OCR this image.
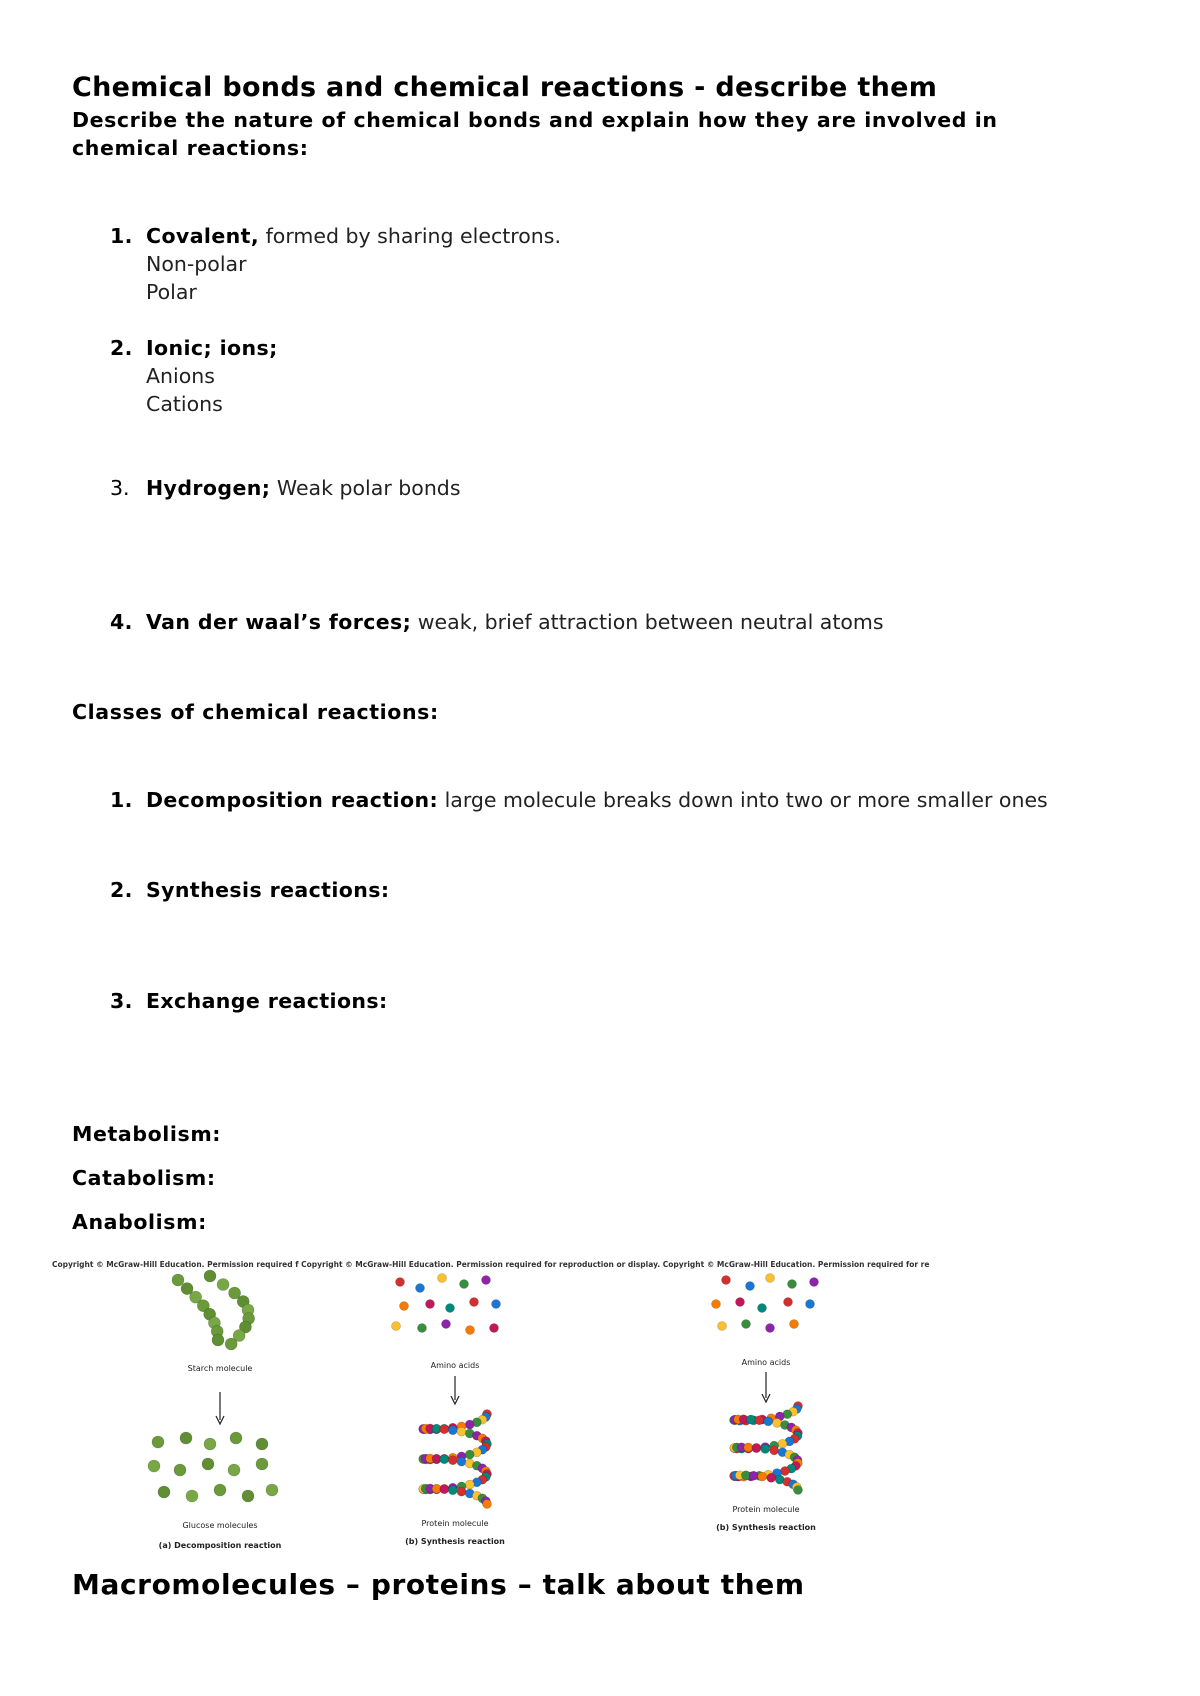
Chemical bonds and chemical reactions - describe them
Describe the nature of chemical bonds and explain how they are involved in
chemical reactions:
1. Covalent, formed by sharing electrons.
Non-polar
Polar
2. Ionic; ions;
Anions
Cations
3. Hydrogen; Weak polar bonds
4. Van der waal’s forces; weak, brief attraction between neutral atoms
Classes of chemical reactions:
1. Decomposition reaction: large molecule breaks down into two or more smaller ones
2. Synthesis reactions:
3. Exchange reactions:
Metabolism:
Catabolism:
Anabolism:
Copyright © McGraw-Hill Education. Permission required f Copyright © McGraw-Hill Education. Permission required for reproduction or display. Copyright © McGraw-Hill Education. Permission required for reproduction or display.
Starch molecule
Glucose molecules
(a) Decomposition reaction
Amino acids
Protein molecule
(b) Synthesis reaction
Amino acids
Protein molecule
(b) Synthesis reaction
Macromolecules – proteins – talk about them
